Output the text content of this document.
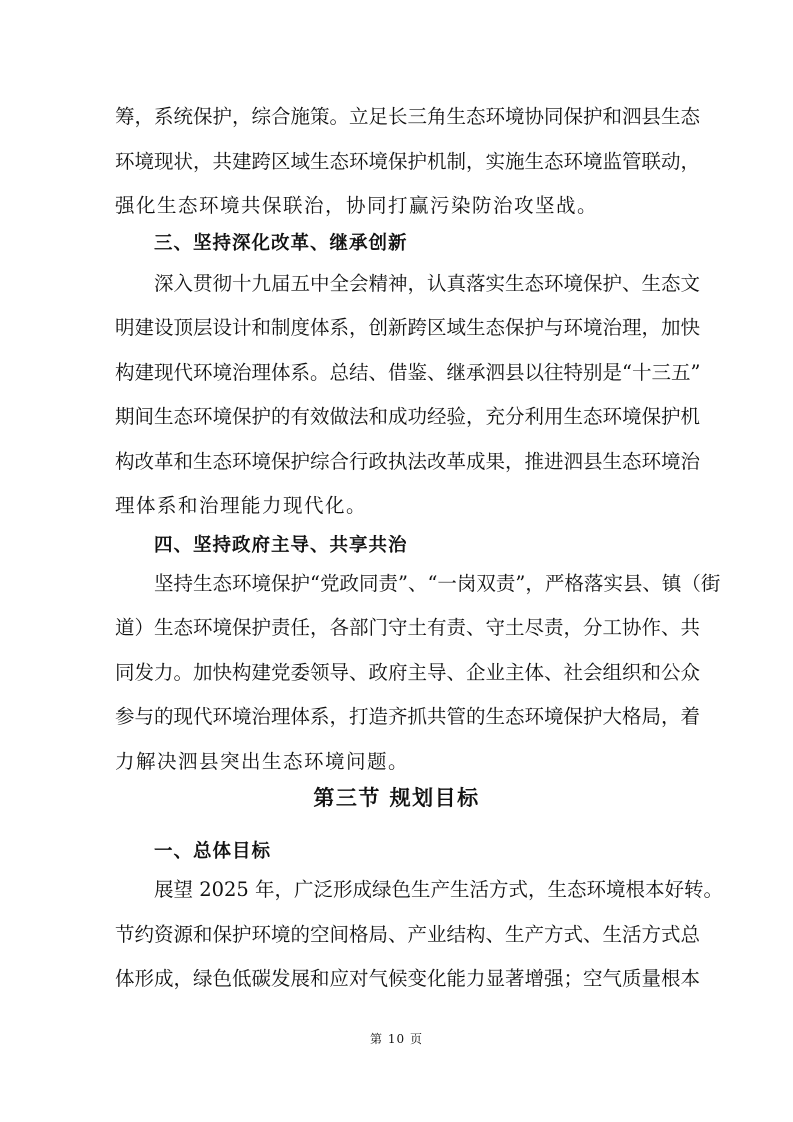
筹，系统保护，综合施策。立足长三角生态环境协同保护和泗县生态
环境现状，共建跨区域生态环境保护机制，实施生态环境监管联动，
强化生态环境共保联治，协同打赢污染防治攻坚战。
三、坚持深化改革、继承创新
深入贯彻十九届五中全会精神，认真落实生态环境保护、生态文
明建设顶层设计和制度体系，创新跨区域生态保护与环境治理，加快
构建现代环境治理体系。总结、借鉴、继承泗县以往特别是“十三五”
期间生态环境保护的有效做法和成功经验，充分利用生态环境保护机
构改革和生态环境保护综合行政执法改革成果，推进泗县生态环境治
理体系和治理能力现代化。
四、坚持政府主导、共享共治
坚持生态环境保护“党政同责”、“一岗双责”，严格落实县、镇（街
道）生态环境保护责任，各部门守土有责、守土尽责，分工协作、共
同发力。加快构建党委领导、政府主导、企业主体、社会组织和公众
参与的现代环境治理体系，打造齐抓共管的生态环境保护大格局，着
力解决泗县突出生态环境问题。
第三节 规划目标
一、总体目标
展望 2025 年，广泛形成绿色生产生活方式，生态环境根本好转。
节约资源和保护环境的空间格局、产业结构、生产方式、生活方式总
体形成，绿色低碳发展和应对气候变化能力显著增强；空气质量根本
第 10 页
